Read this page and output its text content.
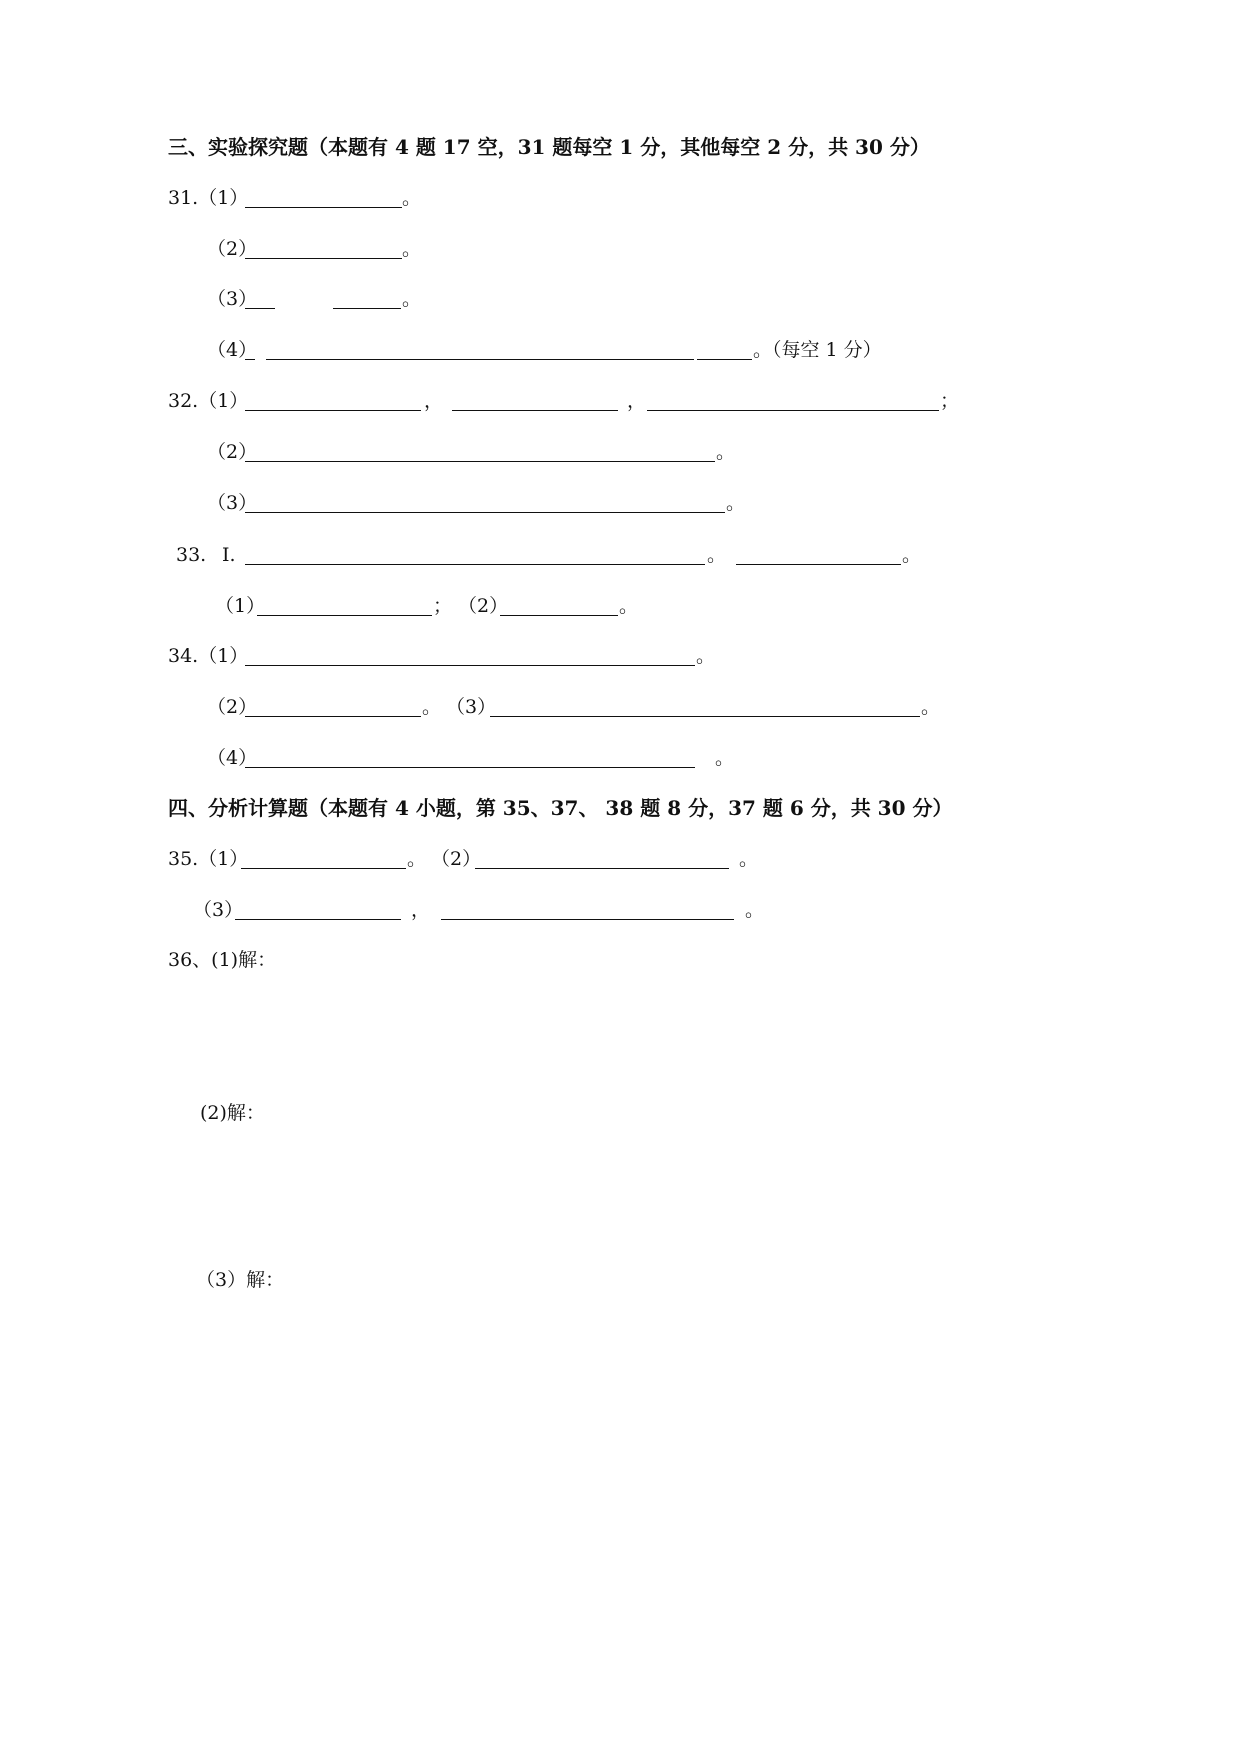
三、实验探究题（本题有 4 题 17 空，31 题每空 1 分，其他每空 2 分，共 30 分）
31.（1）	。
（2）	。
（3）	。
（4）	。（每空 1 分）
32.（1）	，	，	；
（2）	。
（3）	。
33. Ⅰ.	。	。
（1）	； （2）	。
34.（1）	。
（2）	。 （3）	。
（4）	。
四、分析计算题（本题有 4 小题，第 35、37、 38 题 8 分，37 题 6 分，共 30 分）
35.（1）	。 （2）	。
（3）	，	。
36、(1)解：
(2)解：
（3）解：
